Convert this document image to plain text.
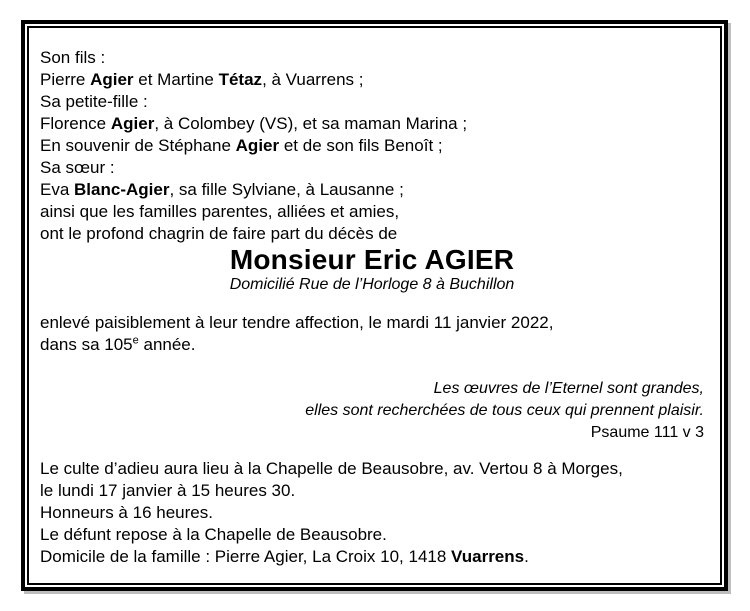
Son fils :
Pierre Agier et Martine Tétaz, à Vuarrens ;
Sa petite-fille :
Florence Agier, à Colombey (VS), et sa maman Marina ;
En souvenir de Stéphane Agier et de son fils Benoît ;
Sa sœur :
Eva Blanc-Agier, sa fille Sylviane, à Lausanne ;
ainsi que les familles parentes, alliées et amies,
ont le profond chagrin de faire part du décès de
Monsieur Eric AGIER
Domicilié Rue de l’Horloge 8 à Buchillon
enlevé paisiblement à leur tendre affection, le mardi 11 janvier 2022,
dans sa 105e année.
Les œuvres de l’Eternel sont grandes,
elles sont recherchées de tous ceux qui prennent plaisir.
Psaume 111 v 3
Le culte d’adieu aura lieu à la Chapelle de Beausobre, av. Vertou 8 à Morges,
le lundi 17 janvier à 15 heures 30.
Honneurs à 16 heures.
Le défunt repose à la Chapelle de Beausobre.
Domicile de la famille : Pierre Agier, La Croix 10, 1418 Vuarrens.
